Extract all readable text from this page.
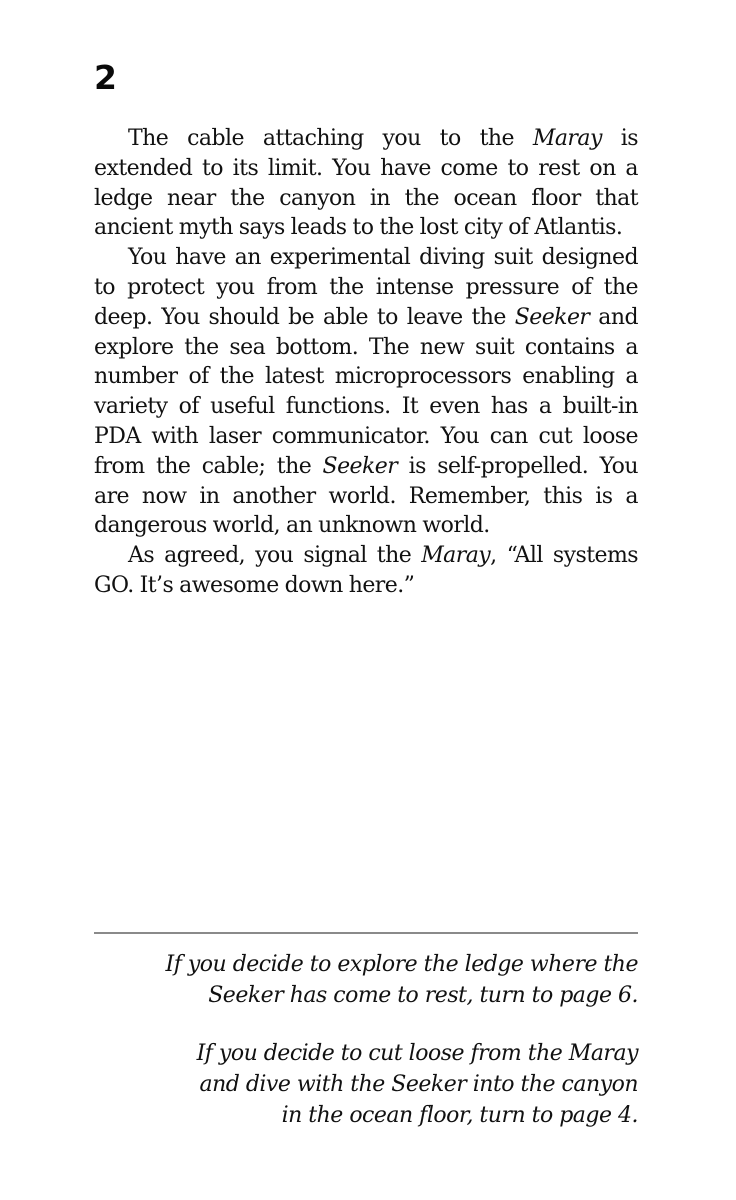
2

The cable attaching you to the Maray is extended to its limit. You have come to rest on a ledge near the canyon in the ocean floor that ancient myth says leads to the lost city of Atlantis.

You have an experimental diving suit designed to protect you from the intense pressure of the deep. You should be able to leave the Seeker and explore the sea bottom. The new suit contains a number of the latest microprocessors enabling a variety of useful functions. It even has a built-in PDA with laser communicator. You can cut loose from the cable; the Seeker is self-propelled. You are now in another world. Remember, this is a dangerous world, an unknown world.

As agreed, you signal the Maray, “All systems GO. It’s awesome down here.”

If you decide to explore the ledge where the
Seeker has come to rest, turn to page 6.

If you decide to cut loose from the Maray
and dive with the Seeker into the canyon
in the ocean floor, turn to page 4.
